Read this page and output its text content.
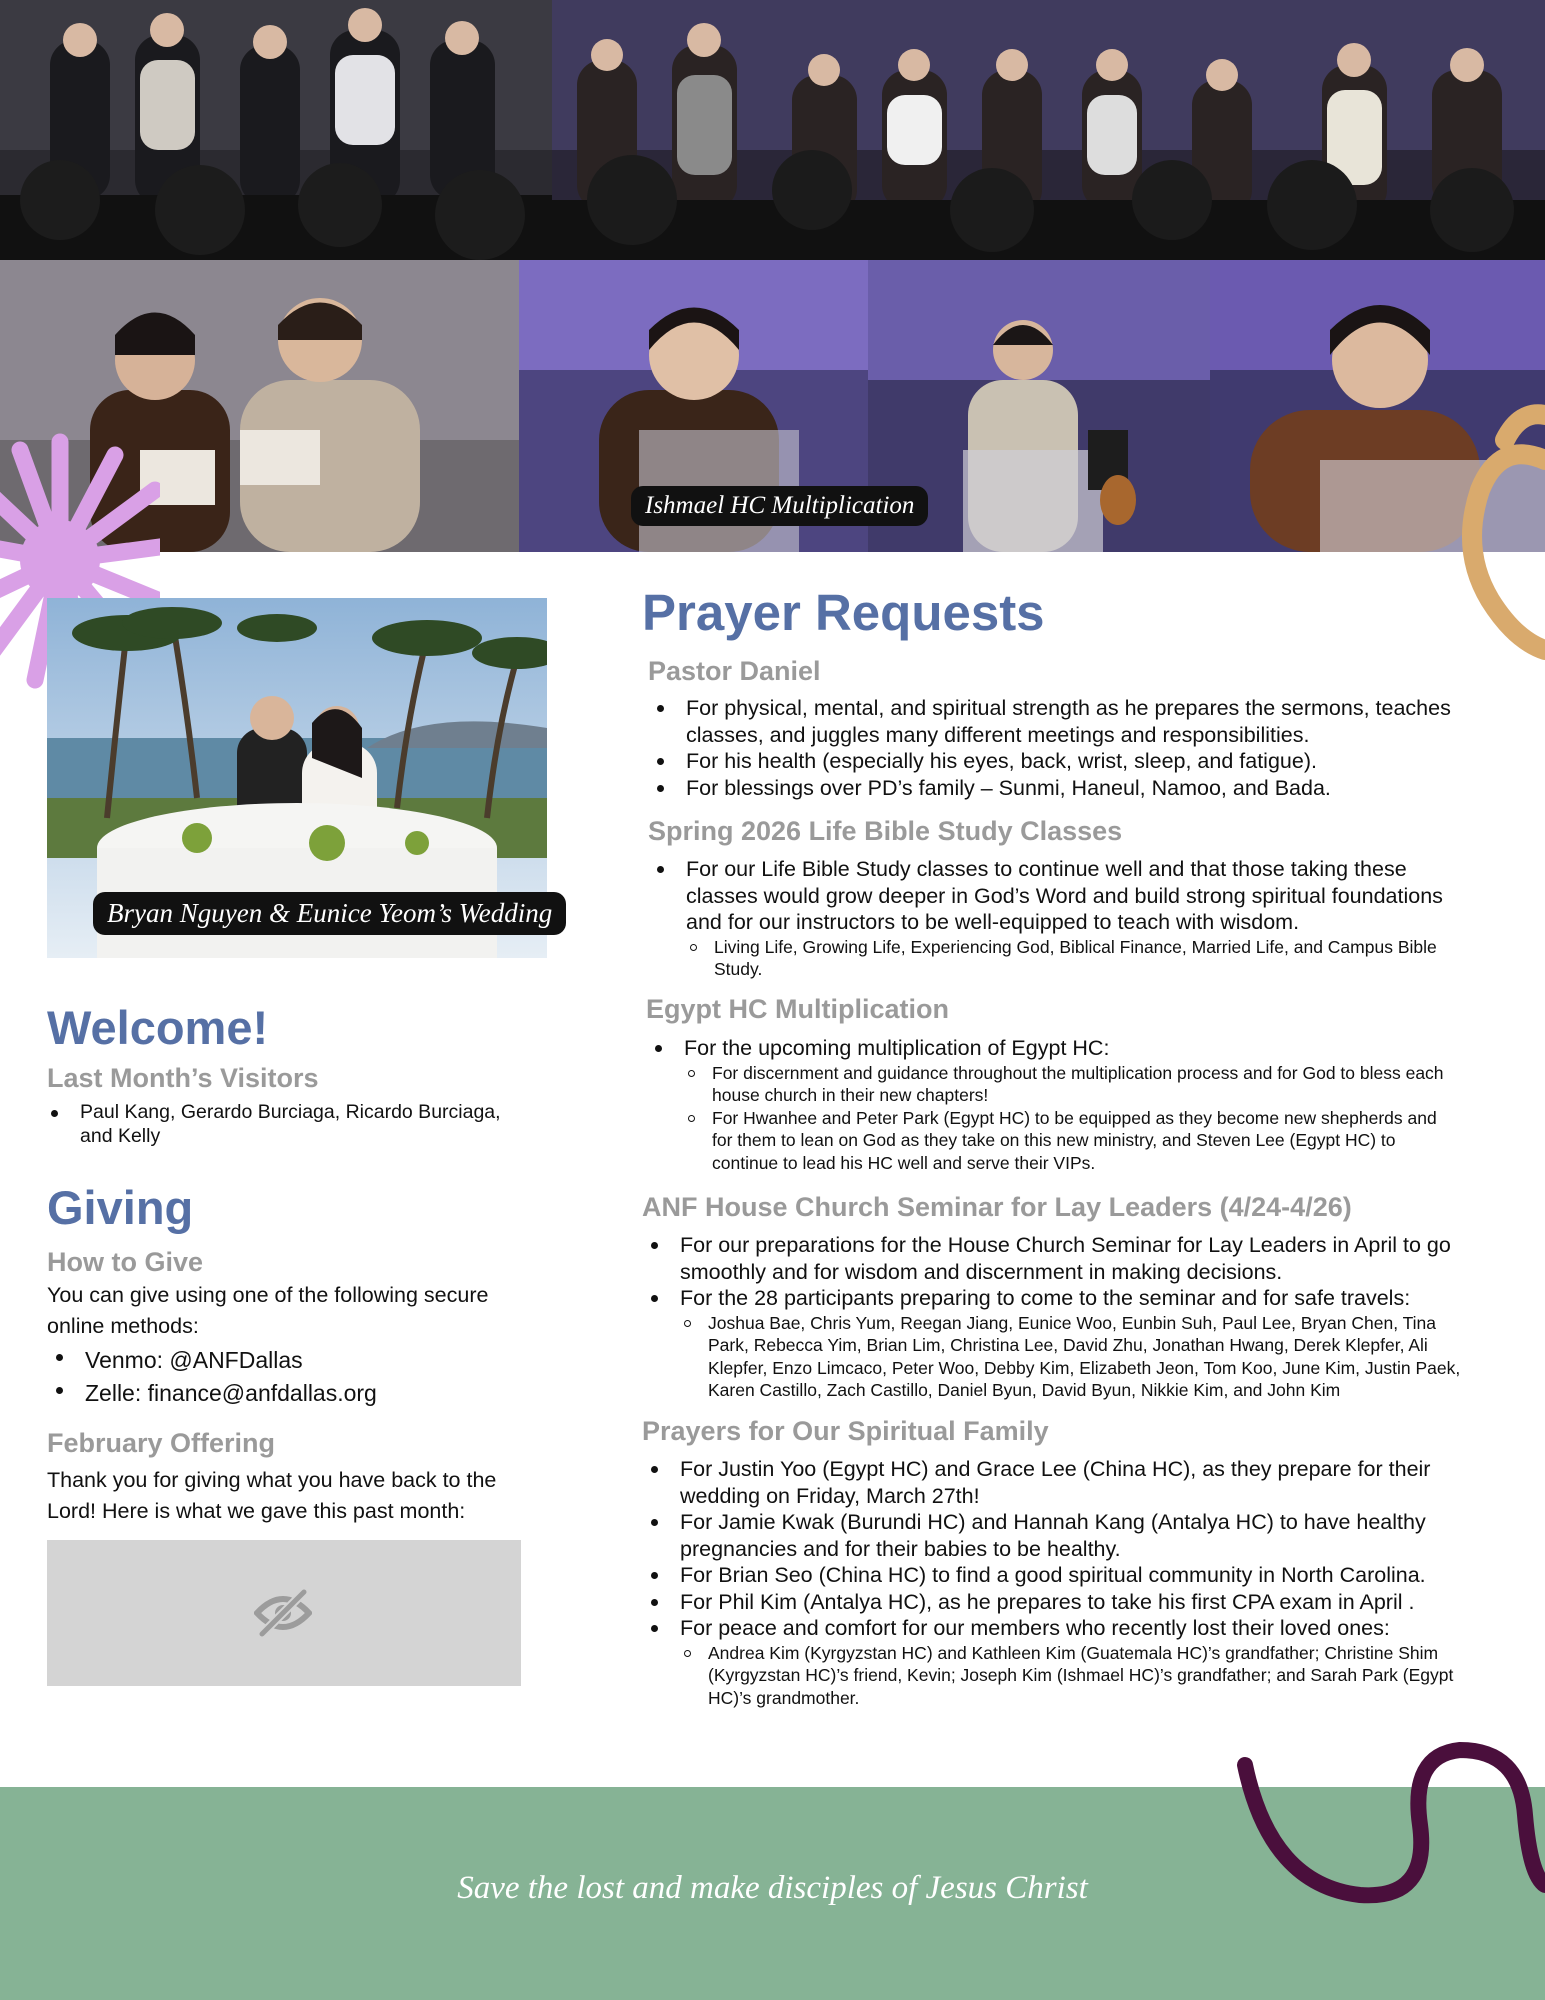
Ishmael HC Multiplication
Bryan Nguyen & Eunice Yeom’s Wedding
Welcome!
Last Month’s Visitors
Paul Kang, Gerardo Burciaga, Ricardo Burciaga, and Kelly
Giving
How to Give

You can give using one of the following secure online methods:

Venmo: @ANFDallas
Zelle: finance@anfdallas.org
February Offering

Thank you for giving what you have back to the Lord! Here is what we gave this past month:

Prayer Requests
Pastor Daniel
For physical, mental, and spiritual strength as he prepares the sermons, teaches classes, and juggles many different meetings and responsibilities.
For his health (especially his eyes, back, wrist, sleep, and fatigue).
For blessings over PD’s family – Sunmi, Haneul, Namoo, and Bada.
Spring 2026 Life Bible Study Classes
For our Life Bible Study classes to continue well and that those taking these classes would grow deeper in God’s Word and build strong spiritual foundations and for our instructors to be well-equipped to teach with wisdom.
Living Life, Growing Life, Experiencing God, Biblical Finance, Married Life, and Campus Bible Study.
Egypt HC Multiplication
For the upcoming multiplication of Egypt HC:
For discernment and guidance throughout the multiplication process and for God to bless each house church in their new chapters!
For Hwanhee and Peter Park (Egypt HC) to be equipped as they become new shepherds and for them to lean on God as they take on this new ministry, and Steven Lee (Egypt HC) to continue to lead his HC well and serve their VIPs.
ANF House Church Seminar for Lay Leaders (4/24-4/26)
For our preparations for the House Church Seminar for Lay Leaders in April to go smoothly and for wisdom and discernment in making decisions.
For the 28 participants preparing to come to the seminar and for safe travels:
Joshua Bae, Chris Yum, Reegan Jiang, Eunice Woo, Eunbin Suh, Paul Lee, Bryan Chen, Tina Park, Rebecca Yim, Brian Lim, Christina Lee, David Zhu, Jonathan Hwang, Derek Klepfer, Ali Klepfer, Enzo Limcaco, Peter Woo, Debby Kim, Elizabeth Jeon, Tom Koo, June Kim, Justin Paek, Karen Castillo, Zach Castillo, Daniel Byun, David Byun, Nikkie Kim, and John Kim
Prayers for Our Spiritual Family
For Justin Yoo (Egypt HC) and Grace Lee (China HC), as they prepare for their wedding on Friday, March 27th!
For Jamie Kwak (Burundi HC) and Hannah Kang (Antalya HC) to have healthy pregnancies and for their babies to be healthy.
For Brian Seo (China HC) to find a good spiritual community in North Carolina.
For Phil Kim (Antalya HC), as he prepares to take his first CPA exam in April .
For peace and comfort for our members who recently lost their loved ones:
Andrea Kim (Kyrgyzstan HC) and Kathleen Kim (Guatemala HC)’s grandfather; Christine Shim (Kyrgyzstan HC)’s friend, Kevin; Joseph Kim (Ishmael HC)’s grandfather; and Sarah Park (Egypt HC)’s grandmother.
Save the lost and make disciples of Jesus Christ
